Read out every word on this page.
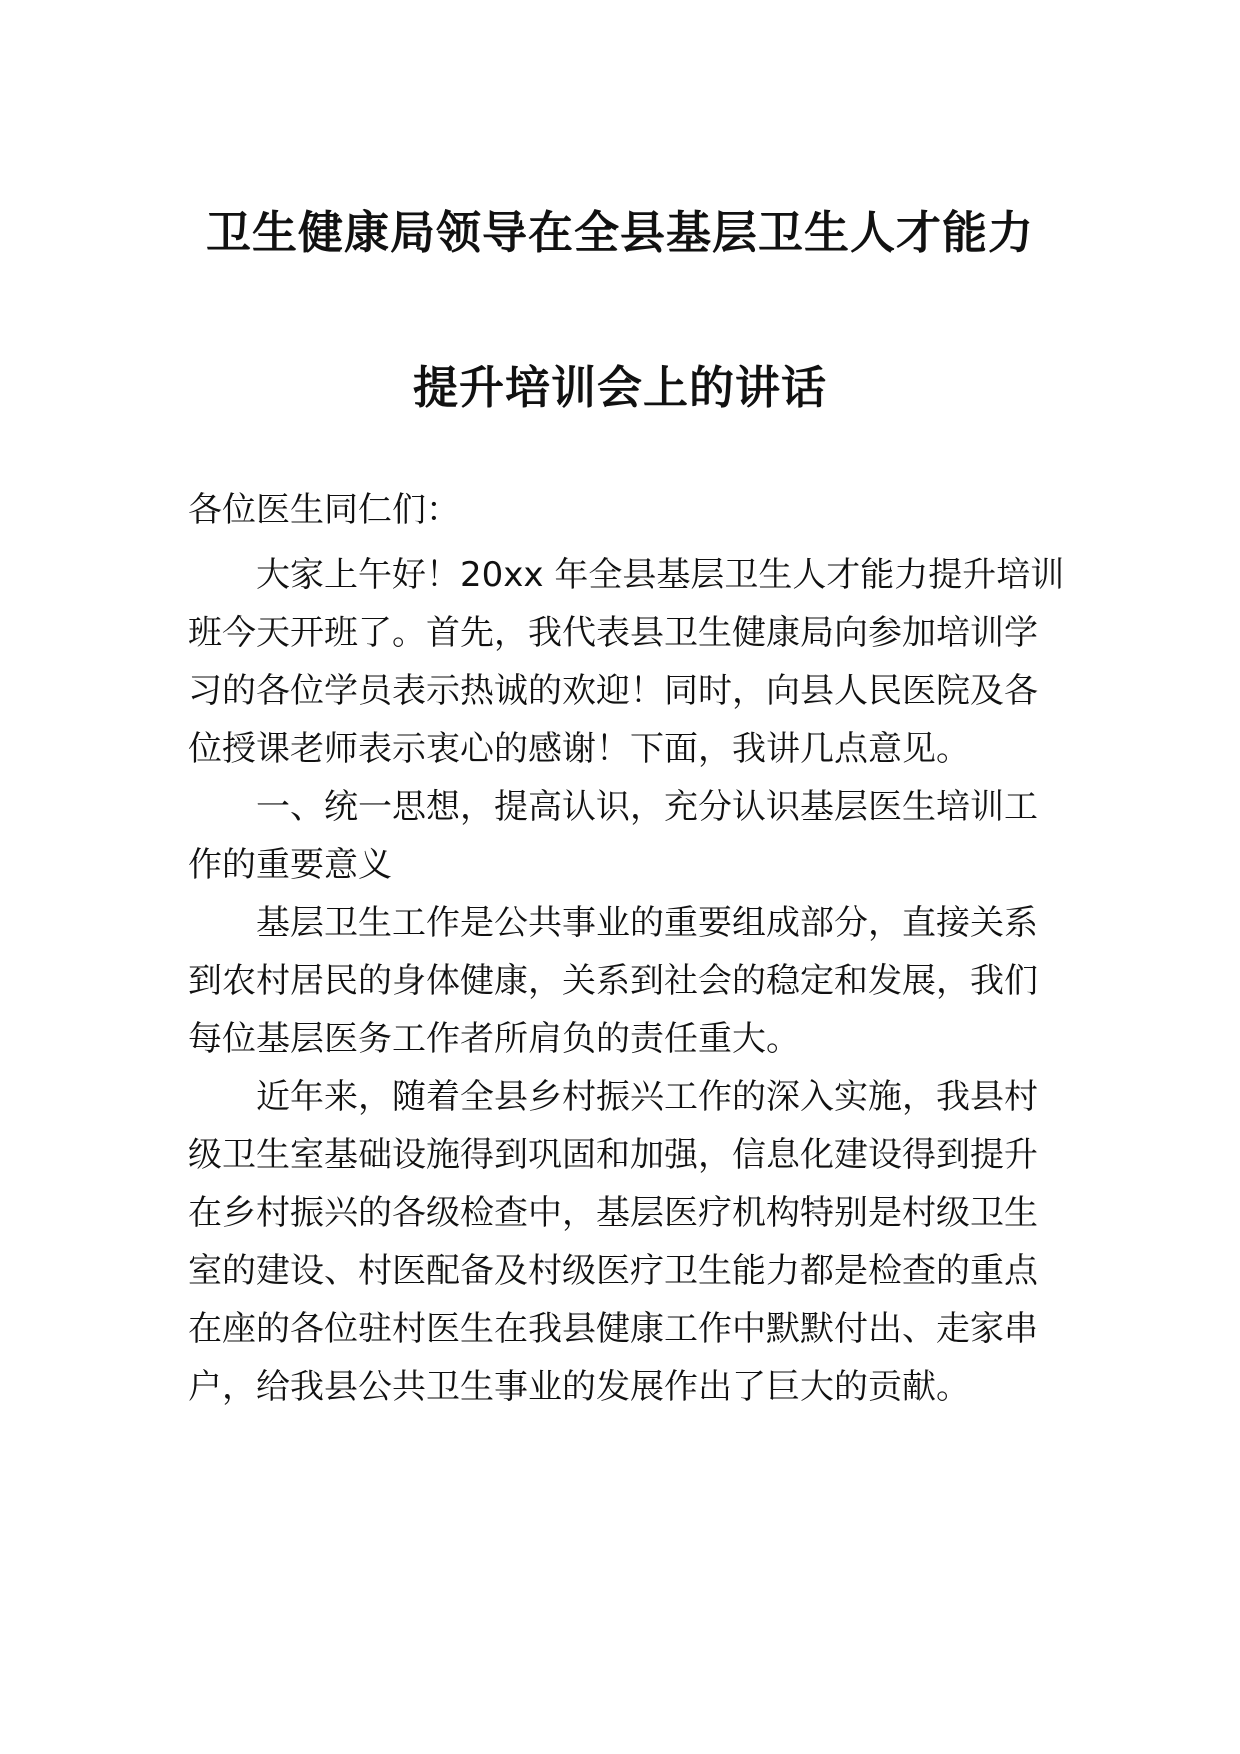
卫生健康局领导在全县基层卫生人才能力
提升培训会上的讲话
各位医生同仁们：
大家上午好！20xx 年全县基层卫生人才能力提升培训
班今天开班了。首先，我代表县卫生健康局向参加培训学
习的各位学员表示热诚的欢迎！同时，向县人民医院及各
位授课老师表示衷心的感谢！下面，我讲几点意见。
一、统一思想，提高认识，充分认识基层医生培训工
作的重要意义
基层卫生工作是公共事业的重要组成部分，直接关系
到农村居民的身体健康，关系到社会的稳定和发展，我们
每位基层医务工作者所肩负的责任重大。
近年来，随着全县乡村振兴工作的深入实施，我县村
级卫生室基础设施得到巩固和加强，信息化建设得到提升
在乡村振兴的各级检查中，基层医疗机构特别是村级卫生
室的建设、村医配备及村级医疗卫生能力都是检查的重点
在座的各位驻村医生在我县健康工作中默默付出、走家串
户，给我县公共卫生事业的发展作出了巨大的贡献。
